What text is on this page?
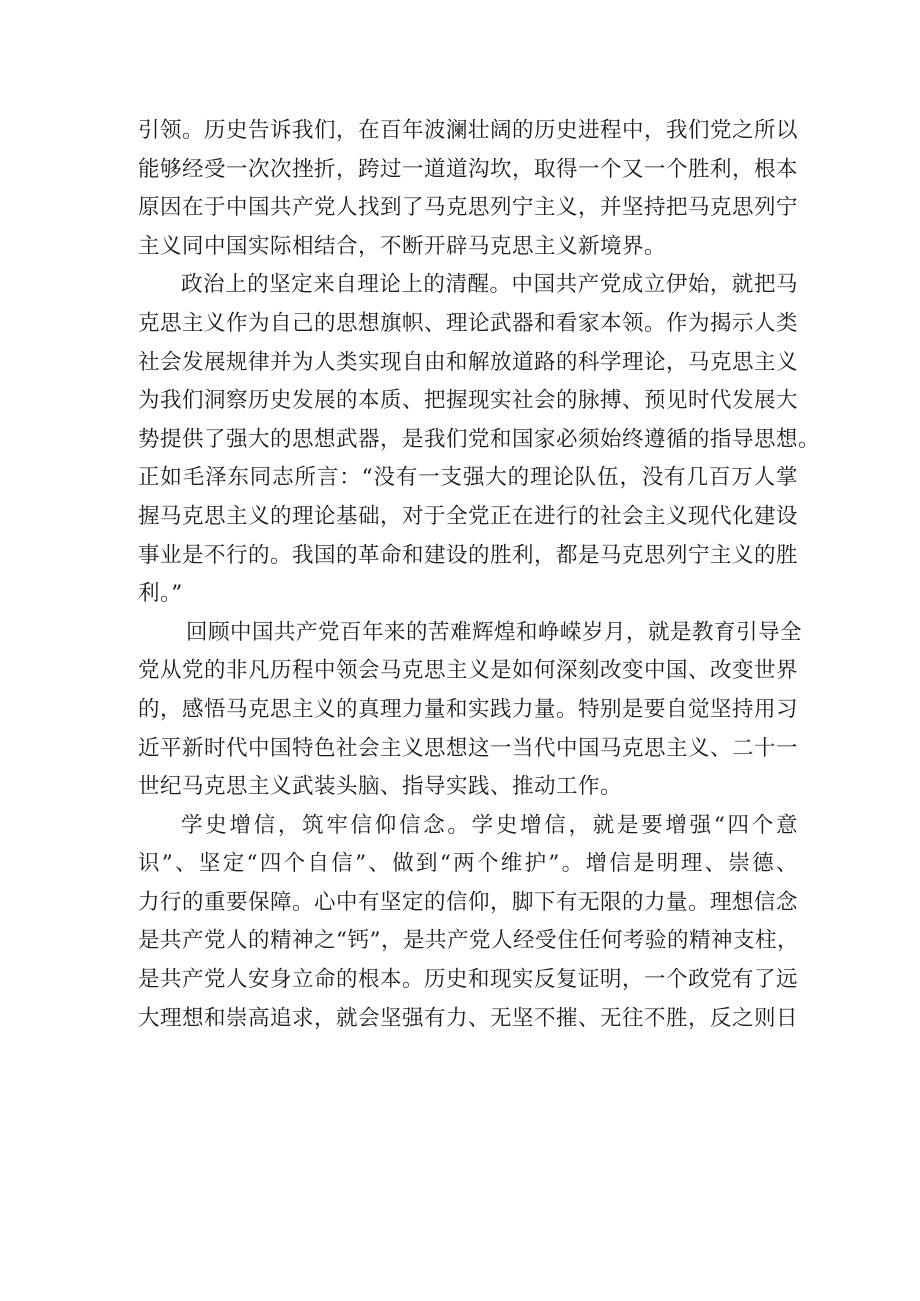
引领。历史告诉我们，在百年波澜壮阔的历史进程中，我们党之所以
能够经受一次次挫折，跨过一道道沟坎，取得一个又一个胜利，根本
原因在于中国共产党人找到了马克思列宁主义，并坚持把马克思列宁
主义同中国实际相结合，不断开辟马克思主义新境界。
政治上的坚定来自理论上的清醒。中国共产党成立伊始，就把马
克思主义作为自己的思想旗帜、理论武器和看家本领。作为揭示人类
社会发展规律并为人类实现自由和解放道路的科学理论，马克思主义
为我们洞察历史发展的本质、把握现实社会的脉搏、预见时代发展大
势提供了强大的思想武器，是我们党和国家必须始终遵循的指导思想。
正如毛泽东同志所言：“没有一支强大的理论队伍，没有几百万人掌
握马克思主义的理论基础，对于全党正在进行的社会主义现代化建设
事业是不行的。我国的革命和建设的胜利，都是马克思列宁主义的胜
利。”
回顾中国共产党百年来的苦难辉煌和峥嵘岁月，就是教育引导全
党从党的非凡历程中领会马克思主义是如何深刻改变中国、改变世界
的，感悟马克思主义的真理力量和实践力量。特别是要自觉坚持用习
近平新时代中国特色社会主义思想这一当代中国马克思主义、二十一
世纪马克思主义武装头脑、指导实践、推动工作。
学史增信，筑牢信仰信念。学史增信，就是要增强“四个意
识”、坚定“四个自信”、做到“两个维护”。增信是明理、崇德、
力行的重要保障。心中有坚定的信仰，脚下有无限的力量。理想信念
是共产党人的精神之“钙”，是共产党人经受住任何考验的精神支柱，
是共产党人安身立命的根本。历史和现实反复证明，一个政党有了远
大理想和崇高追求，就会坚强有力、无坚不摧、无往不胜，反之则日
